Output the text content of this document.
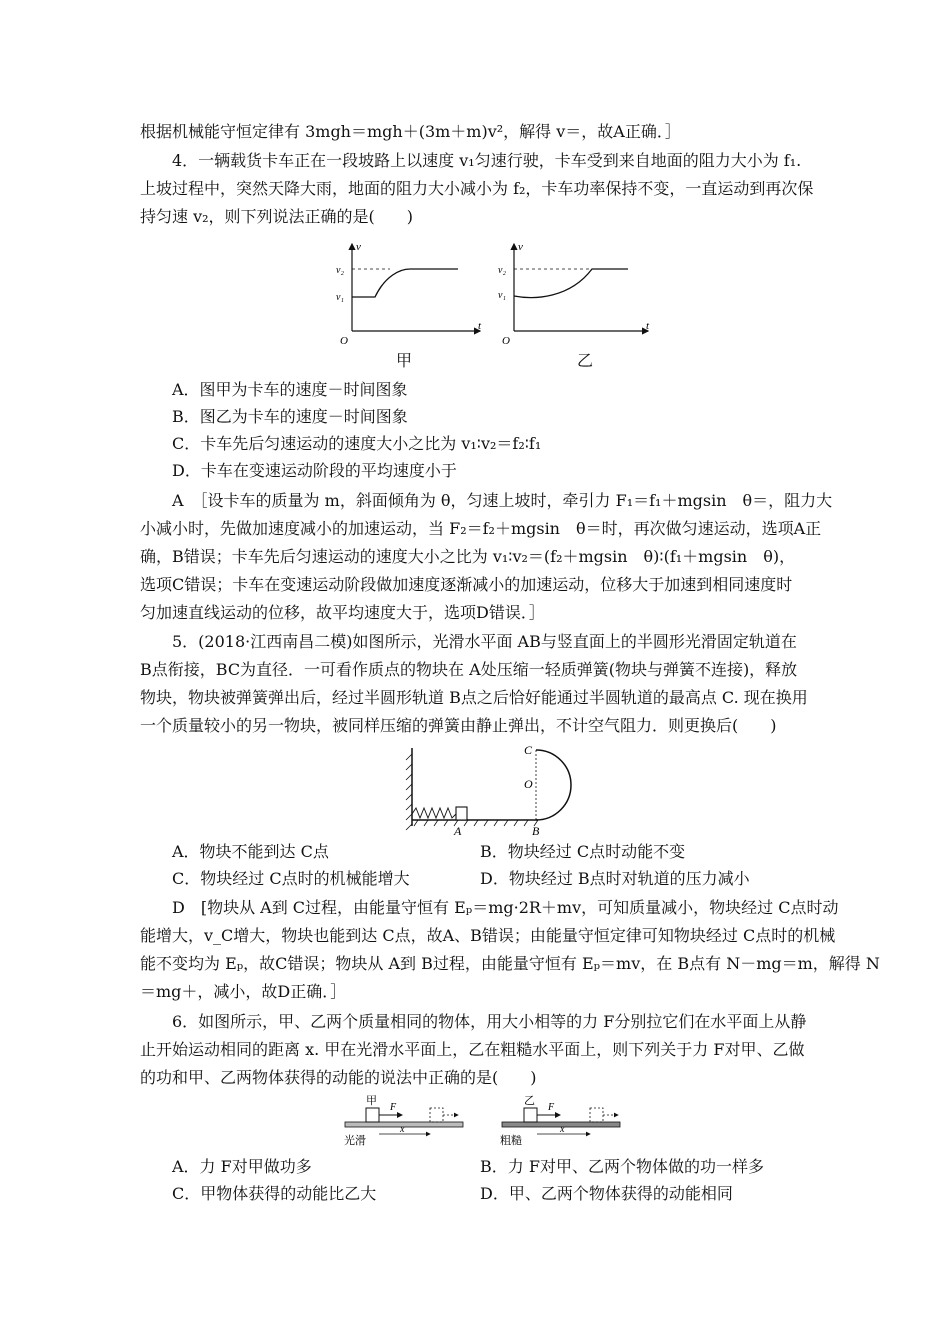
根据机械能守恒定律有 3mgh＝mgh＋(3m＋m)v²，解得 v＝，故A正确．］
4．一辆载货卡车正在一段坡路上以速度 v₁匀速行驶，卡车受到来自地面的阻力大小为 f₁.
上坡过程中，突然天降大雨，地面的阻力大小减小为 f₂，卡车功率保持不变，一直运动到再次保
持匀速 v₂，则下列说法正确的是(　　)
v
t
O
v₂
v₁
v
t
O
v₂
v₁
甲	乙
A．图甲为卡车的速度－时间图象
B．图乙为卡车的速度－时间图象
C．卡车先后匀速运动的速度大小之比为 v₁∶v₂＝f₂∶f₁
D．卡车在变速运动阶段的平均速度小于
A　［设卡车的质量为 m，斜面倾角为 θ，匀速上坡时，牵引力 F₁＝f₁＋mgsin　θ＝，阻力大
小减小时，先做加速度减小的加速运动，当 F₂＝f₂＋mgsin　θ＝时，再次做匀速运动，选项A正
确，B错误；卡车先后匀速运动的速度大小之比为 v₁∶v₂＝(f₂＋mgsin　θ)∶(f₁＋mgsin　θ)，
选项C错误；卡车在变速运动阶段做加速度逐渐减小的加速运动，位移大于加速到相同速度时
匀加速直线运动的位移，故平均速度大于，选项D错误．］
5．(2018·江西南昌二模)如图所示，光滑水平面 AB与竖直面上的半圆形光滑固定轨道在
B点衔接，BC为直径．一可看作质点的物块在 A处压缩一轻质弹簧(物块与弹簧不连接)，释放
物块，物块被弹簧弹出后，经过半圆形轨道 B点之后恰好能通过半圆轨道的最高点 C. 现在换用
一个质量较小的另一物块，被同样压缩的弹簧由静止弹出，不计空气阻力．则更换后(　　)
C
O
A	B
A．物块不能到达 C点	B．物块经过 C点时动能不变
C．物块经过 C点时的机械能增大	D．物块经过 B点时对轨道的压力减小
D　[物块从 A到 C过程，由能量守恒有 Eₚ＝mg·2R＋mv，可知质量减小，物块经过 C点时动
能增大，v_C增大，物块也能到达 C点，故A、B错误；由能量守恒定律可知物块经过 C点时的机械
能不变均为 Eₚ，故C错误；物块从 A到 B过程，由能量守恒有 Eₚ＝mv，在 B点有 N－mg＝m，解得 N
＝mg＋，减小，故D正确．］
6．如图所示，甲、乙两个质量相同的物体，用大小相等的力 F分别拉它们在水平面上从静
止开始运动相同的距离 x. 甲在光滑水平面上，乙在粗糙水平面上，则下列关于力 F对甲、乙做
的功和甲、乙两物体获得的动能的说法中正确的是(　　)
甲
F
x
光滑
乙
F
x
粗糙
A．力 F对甲做功多	B．力 F对甲、乙两个物体做的功一样多
C．甲物体获得的动能比乙大	D．甲、乙两个物体获得的动能相同
